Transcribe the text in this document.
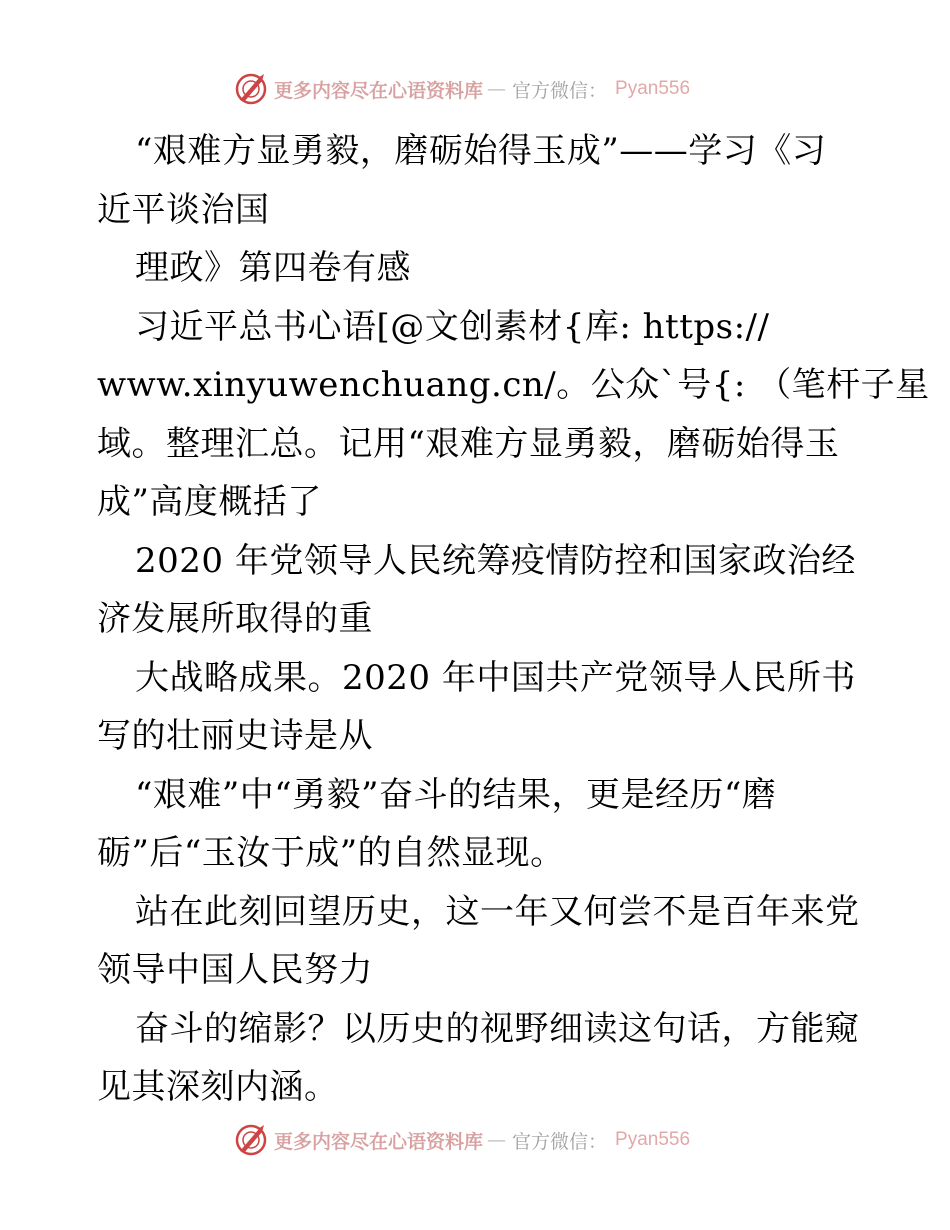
更多内容尽在心语资料库 — 官方微信： Pyan556
“艰难方显勇毅，磨砺始得玉成”——学习《习
近平谈治国
理政》第四卷有感
习近平总书心语[@文创素材{库: https://
www.xinyuwenchuang.cn/。公众`号{: （笔杆子星
域。整理汇总。记用“艰难方显勇毅，磨砺始得玉
成”高度概括了
2020 年党领导人民统筹疫情防控和国家政治经
济发展所取得的重
大战略成果。2020 年中国共产党领导人民所书
写的壮丽史诗是从
“艰难”中“勇毅”奋斗的结果，更是经历“磨
砺”后“玉汝于成”的自然显现。
站在此刻回望历史，这一年又何尝不是百年来党
领导中国人民努力
奋斗的缩影？以历史的视野细读这句话，方能窥
见其深刻内涵。
更多内容尽在心语资料库 — 官方微信： Pyan556
